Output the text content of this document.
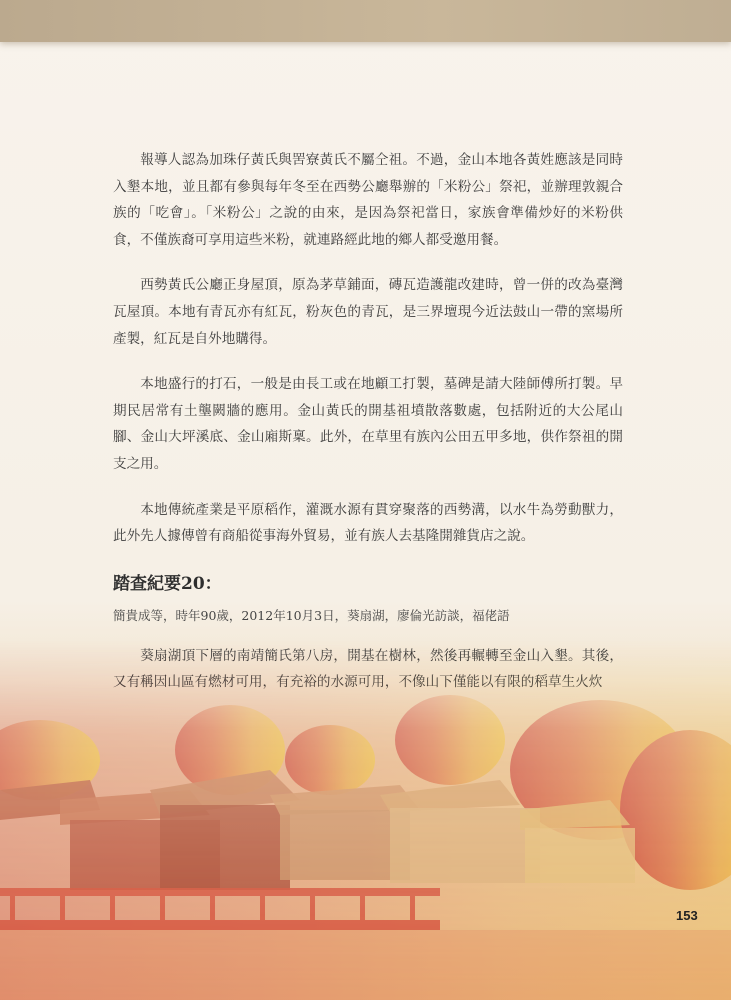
報導人認為加珠仔黃氏與罟寮黃氏不屬仝祖。不過，金山本地各黃姓應該是同時入墾本地，並且都有參與每年冬至在西勢公廳舉辦的「米粉公」祭祀，並辦理敦親合族的「吃會」。「米粉公」之說的由來，是因為祭祀當日，家族會準備炒好的米粉供食，不僅族裔可享用這些米粉，就連路經此地的鄉人都受邀用餐。

西勢黃氏公廳正身屋頂，原為茅草鋪面，磚瓦造護龍改建時，曾一併的改為臺灣瓦屋頂。本地有青瓦亦有紅瓦，粉灰色的青瓦，是三界壇現今近法鼓山一帶的窯場所產製，紅瓦是自外地購得。

本地盛行的打石，一般是由長工或在地顧工打製，墓碑是請大陸師傅所打製。早期民居常有土壟闕牆的應用。金山黃氏的開基祖墳散落數處，包括附近的大公尾山腳、金山大坪溪底、金山廂斯稟。此外，在草里有族內公田五甲多地，供作祭祖的開支之用。

本地傳統產業是平原稻作，灌溉水源有貫穿聚落的西勢溝，以水牛為勞動獸力，此外先人據傳曾有商船從事海外貿易，並有族人去基隆開雜貨店之說。

踏查紀要20：
簡貴成等，時年90歲，2012年10月3日，葵扇湖，廖倫光訪談，福佬語

葵扇湖頂下層的南靖簡氏第八房，開基在樹林，然後再輾轉至金山入墾。其後，又有稱因山區有燃材可用，有充裕的水源可用，不像山下僅能以有限的稻草生火炊

153
